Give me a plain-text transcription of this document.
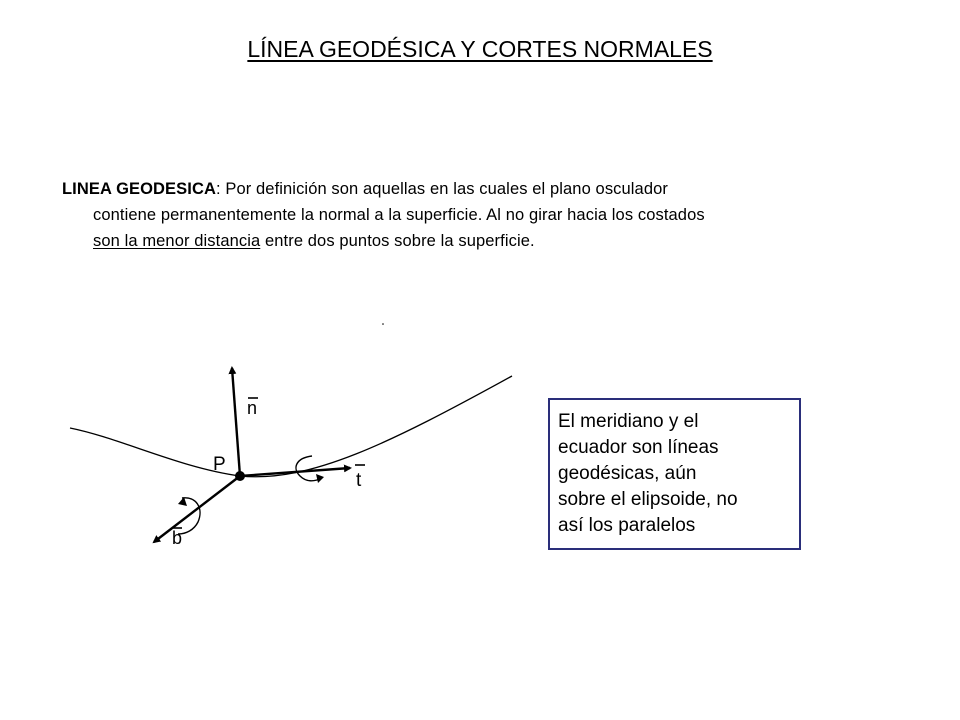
LÍNEA GEODÉSICA Y CORTES NORMALES
LINEA GEODESICA: Por definición son aquellas en las cuales el plano osculador
contiene permanentemente la normal a la superficie. Al no girar hacia los costados
son la menor distancia entre dos puntos sobre la superficie.
P
n
t
b
El meridiano y el
ecuador son líneas
geodésicas, aún
sobre el elipsoide, no
así los paralelos
